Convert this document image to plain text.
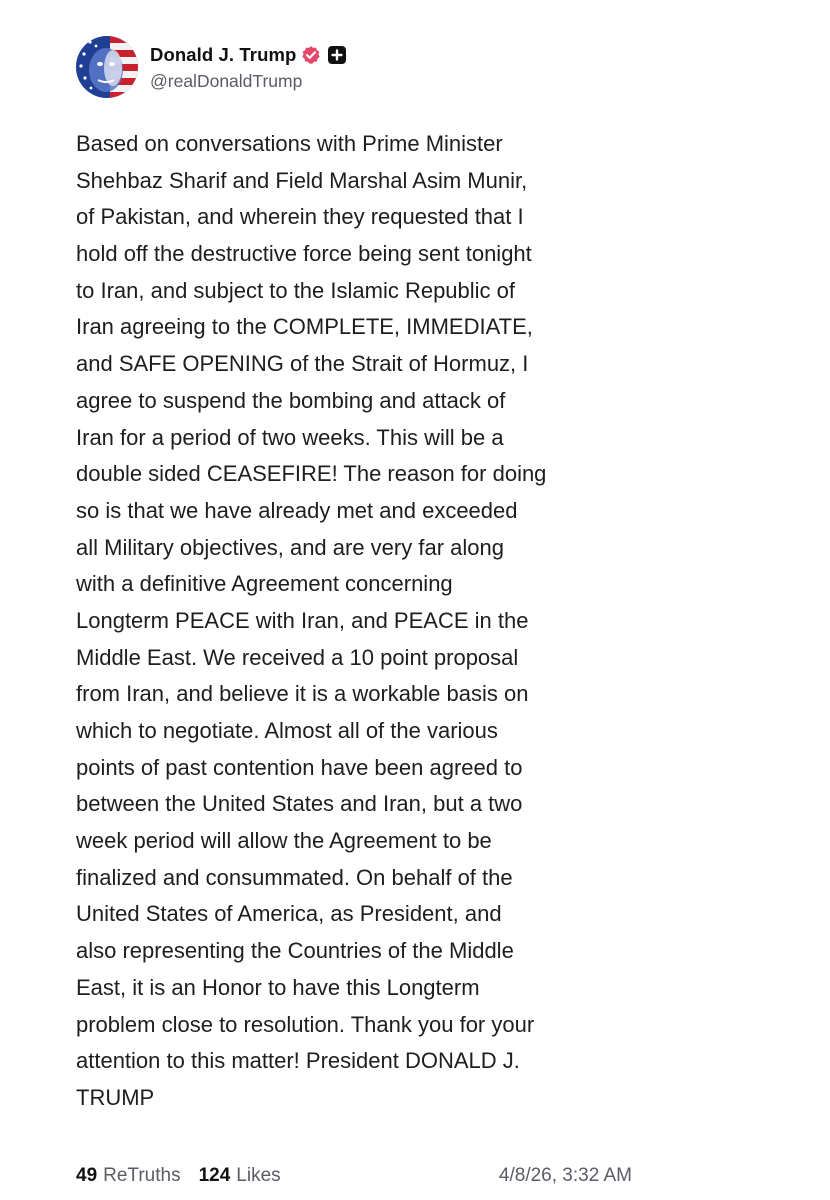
Donald J. Trump
@realDonaldTrump
Based on conversations with Prime Minister
Shehbaz Sharif and Field Marshal Asim Munir,
of Pakistan, and wherein they requested that I
hold off the destructive force being sent tonight
to Iran, and subject to the Islamic Republic of
Iran agreeing to the COMPLETE, IMMEDIATE,
and SAFE OPENING of the Strait of Hormuz, I
agree to suspend the bombing and attack of
Iran for a period of two weeks. This will be a
double sided CEASEFIRE! The reason for doing
so is that we have already met and exceeded
all Military objectives, and are very far along
with a definitive Agreement concerning
Longterm PEACE with Iran, and PEACE in the
Middle East. We received a 10 point proposal
from Iran, and believe it is a workable basis on
which to negotiate. Almost all of the various
points of past contention have been agreed to
between the United States and Iran, but a two
week period will allow the Agreement to be
finalized and consummated. On behalf of the
United States of America, as President, and
also representing the Countries of the Middle
East, it is an Honor to have this Longterm
problem close to resolution. Thank you for your
attention to this matter! President DONALD J.
TRUMP
49 ReTruths 124 Likes	4/8/26, 3:32 AM
